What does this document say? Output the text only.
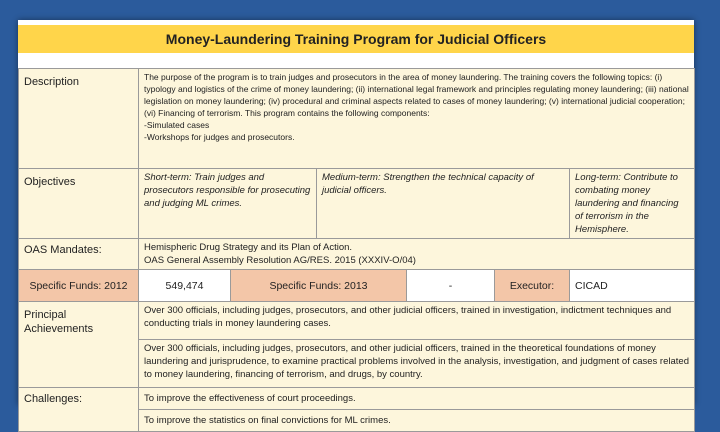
Money-Laundering Training Program for Judicial Officers
Description	The purpose of the program is to train judges and prosecutors in the area of money laundering. The training covers the following topics: (i) typology and logistics of the crime of money laundering; (ii) international legal framework and principles regulating money laundering; (iii) national legislation on money laundering; (iv) procedural and criminal aspects related to cases of money laundering; (v) international judicial cooperation; (vi) Financing of terrorism. This program contains the following components:
-Simulated cases
-Workshops for judges and prosecutors.					

Objectives	Short-term: Train judges and prosecutors responsible for prosecuting and judging ML crimes.		Medium-term: Strengthen the technical capacity of judicial officers.			Long-term: Contribute to combating money laundering and financing of terrorism in the Hemisphere.
OAS Mandates:	Hemispheric Drug Strategy and its Plan of Action.
OAS General Assembly Resolution AG/RES. 2015 (XXXIV-O/04)					

Specific Funds: 2012	549,474	Specific Funds: 2013		-	Executor:	CICAD
Principal Achievements	Over 300 officials, including judges, prosecutors, and other judicial officers, trained in investigation, indictment techniques and conducting trials in money laundering cases.					
	Over 300 officials, including judges, prosecutors, and other judicial officers, trained in the theoretical foundations of money laundering and jurisprudence, to examine practical problems involved in the analysis, investigation, and judgment of cases related to money laundering, financing of terrorism, and drugs, by country.					
Challenges:	To improve the effectiveness of court proceedings.					
	To improve the statistics on final convictions for ML crimes.					
